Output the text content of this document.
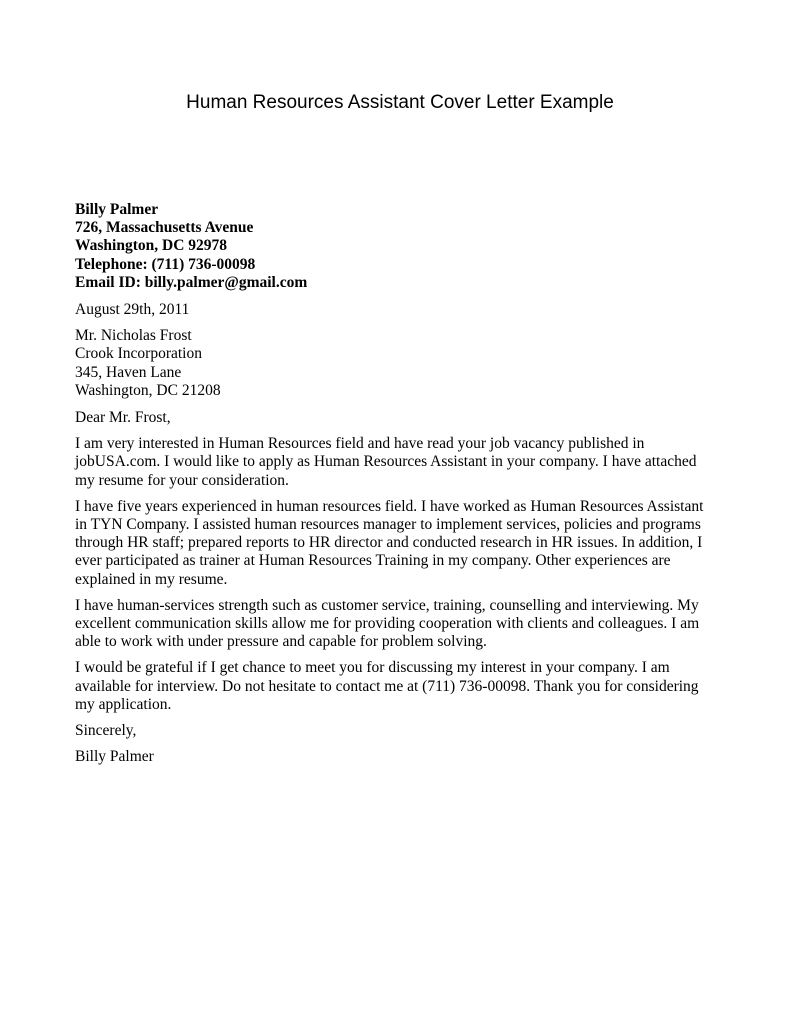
Human Resources Assistant Cover Letter Example
Billy Palmer
726, Massachusetts Avenue
Washington, DC 92978
Telephone: (711) 736-00098
Email ID: billy.palmer@gmail.com
August 29th, 2011
Mr. Nicholas Frost
Crook Incorporation
345, Haven Lane
Washington, DC 21208
Dear Mr. Frost,
I am very interested in Human Resources field and have read your job vacancy published in
jobUSA.com. I would like to apply as Human Resources Assistant in your company. I have attached
my resume for your consideration.
I have five years experienced in human resources field. I have worked as Human Resources Assistant
in TYN Company. I assisted human resources manager to implement services, policies and programs
through HR staff; prepared reports to HR director and conducted research in HR issues. In addition, I
ever participated as trainer at Human Resources Training in my company. Other experiences are
explained in my resume.
I have human-services strength such as customer service, training, counselling and interviewing. My
excellent communication skills allow me for providing cooperation with clients and colleagues. I am
able to work with under pressure and capable for problem solving.
I would be grateful if I get chance to meet you for discussing my interest in your company. I am
available for interview. Do not hesitate to contact me at (711) 736-00098. Thank you for considering
my application.
Sincerely,
Billy Palmer
